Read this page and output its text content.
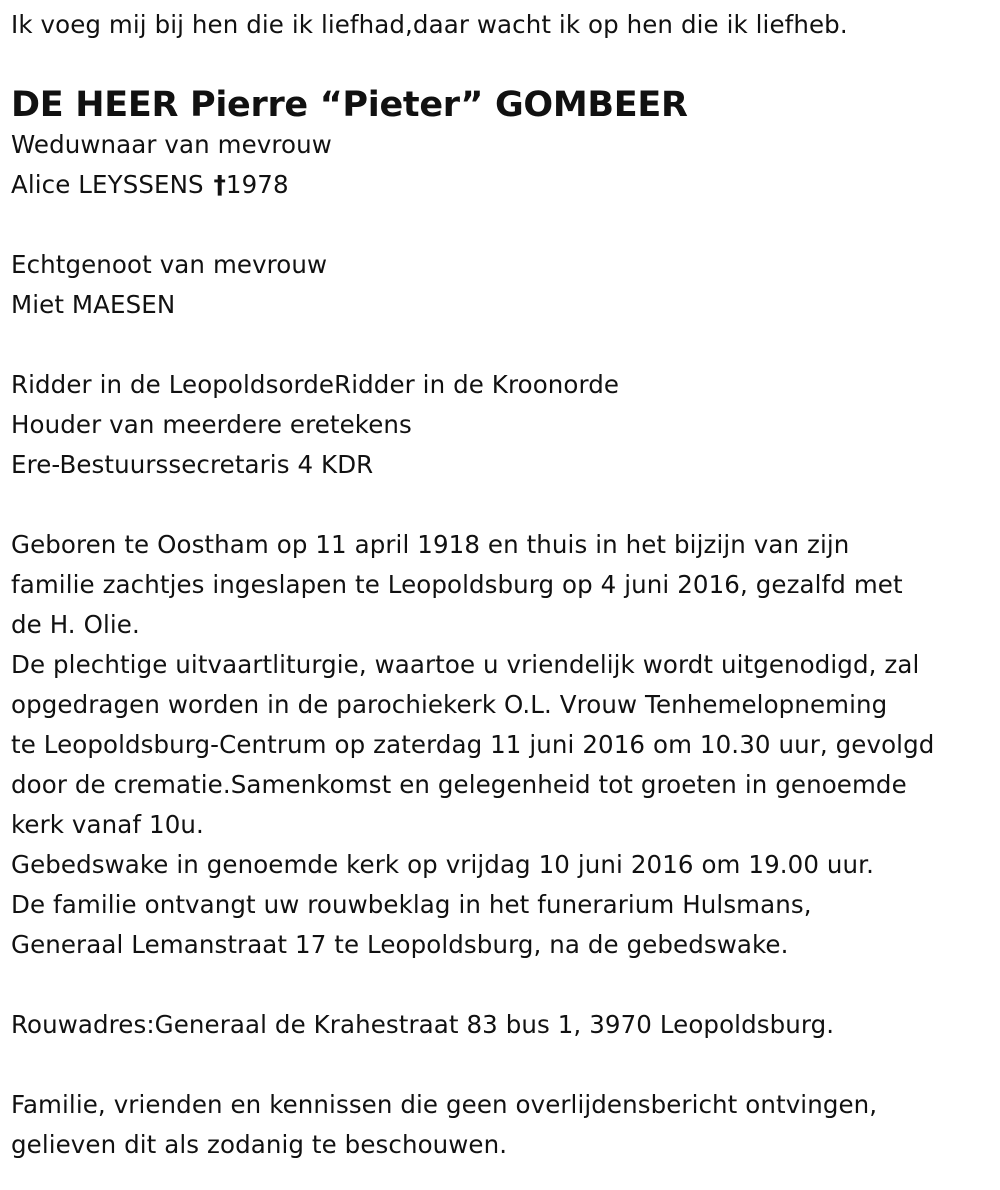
Ik voeg mij bij hen die ik liefhad,daar wacht ik op hen die ik liefheb.
DE HEER Pierre “Pieter” GOMBEER
Weduwnaar van mevrouw
Alice LEYSSENS †1978
Echtgenoot van mevrouw
Miet MAESEN
Ridder in de LeopoldsordeRidder in de Kroonorde
Houder van meerdere eretekens
Ere-Bestuurssecretaris 4 KDR
Geboren te Oostham op 11 april 1918 en thuis in het bijzijn van zijn
familie zachtjes ingeslapen te Leopoldsburg op 4 juni 2016, gezalfd met
de H. Olie.
De plechtige uitvaartliturgie, waartoe u vriendelijk wordt uitgenodigd, zal
opgedragen worden in de parochiekerk O.L. Vrouw Tenhemelopneming
te Leopoldsburg-Centrum op zaterdag 11 juni 2016 om 10.30 uur, gevolgd
door de crematie.Samenkomst en gelegenheid tot groeten in genoemde
kerk vanaf 10u.
Gebedswake in genoemde kerk op vrijdag 10 juni 2016 om 19.00 uur.
De familie ontvangt uw rouwbeklag in het funerarium Hulsmans,
Generaal Lemanstraat 17 te Leopoldsburg, na de gebedswake.
Rouwadres:Generaal de Krahestraat 83 bus 1, 3970 Leopoldsburg.
Familie, vrienden en kennissen die geen overlijdensbericht ontvingen,
gelieven dit als zodanig te beschouwen.
